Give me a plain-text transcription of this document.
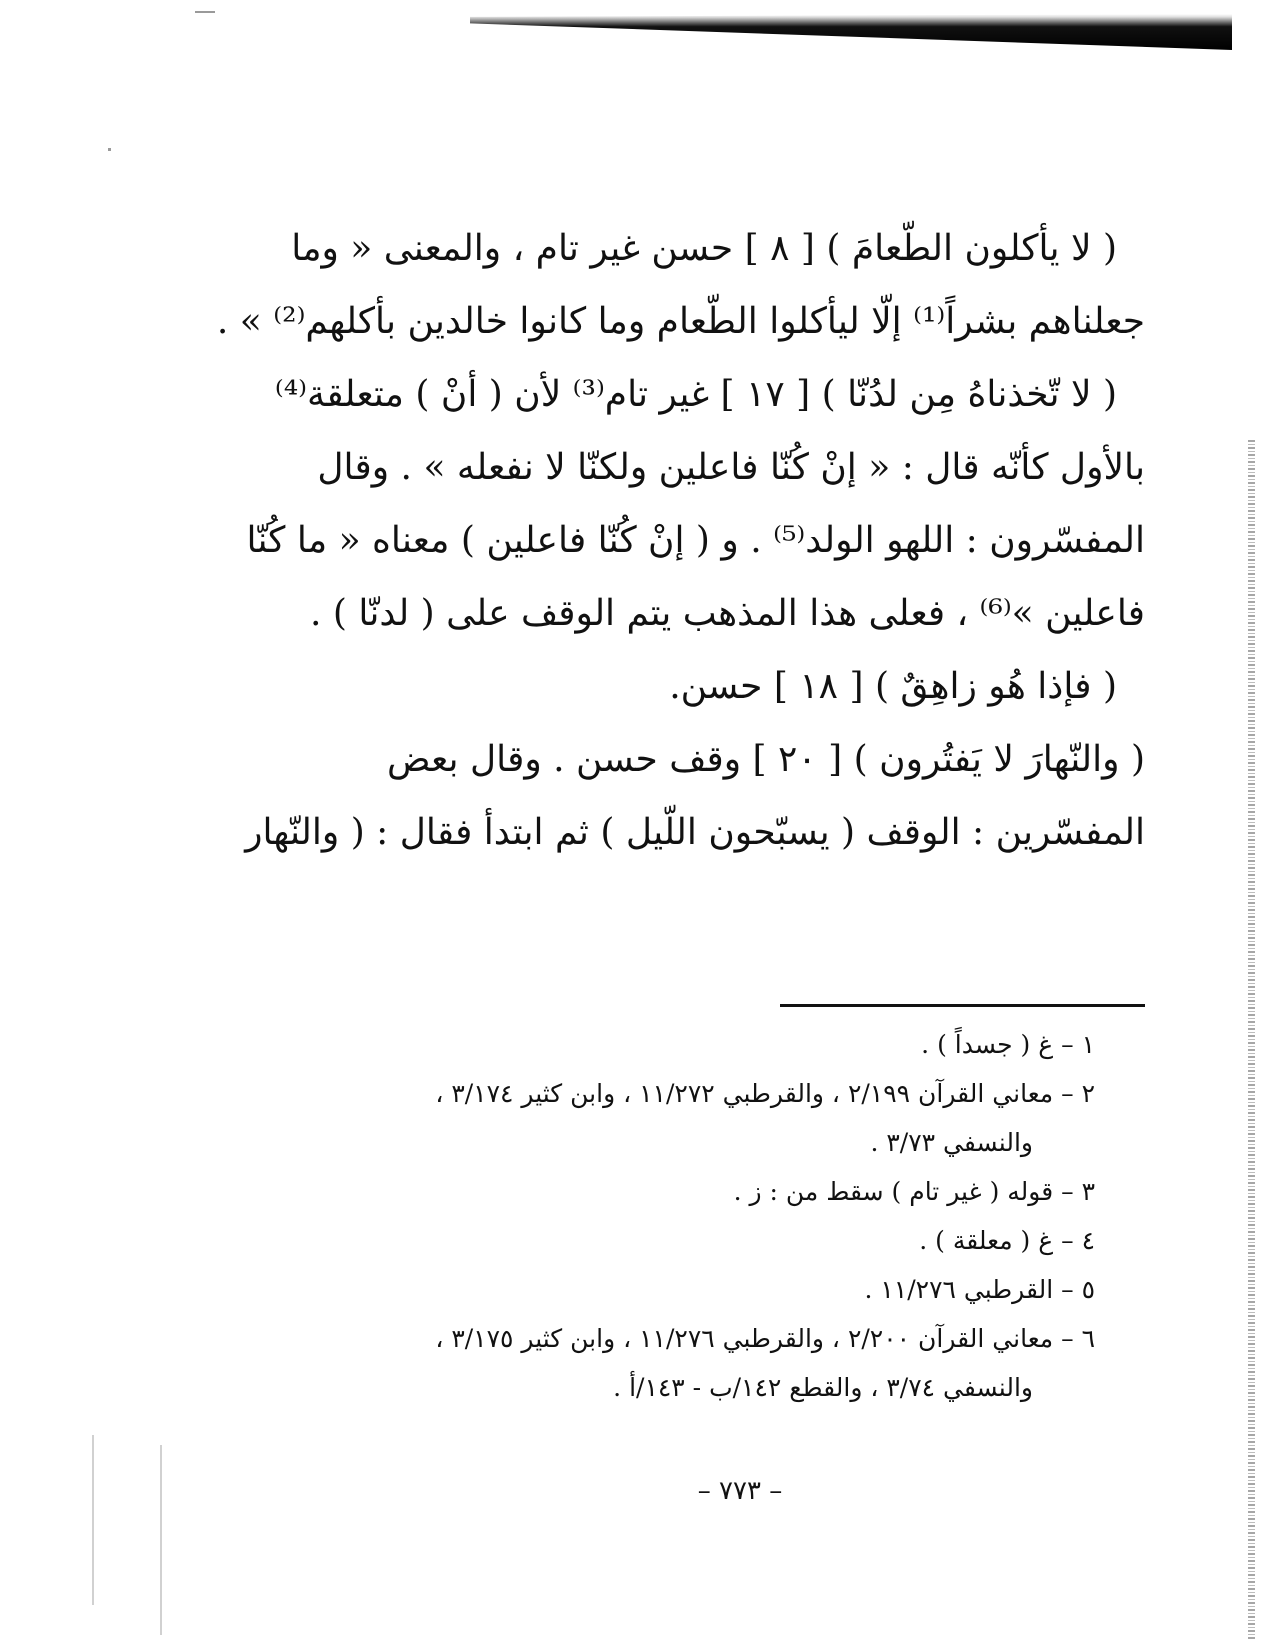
( لا يأكلون الطّعامَ ) [ ٨ ] حسن غير تام ، والمعنى « وما
جعلناهم بشراً⁽¹⁾ إلّا ليأكلوا الطّعام وما كانوا خالدين بأكلهم⁽²⁾ » .
( لا تّخذناهُ مِن لدُنّا ) [ ١٧ ] غير تام⁽³⁾ لأن ( أنْ ) متعلقة⁽⁴⁾
بالأول كأنّه قال : « إنْ كُنّا فاعلين ولكنّا لا نفعله » . وقال
المفسّرون : اللهو الولد⁽⁵⁾ . و ( إنْ كُنّا فاعلين ) معناه « ما كُنّا
فاعلين »⁽⁶⁾ ، فعلى هذا المذهب يتم الوقف على ( لدنّا ) .
( فإذا هُو زاهِقٌ ) [ ١٨ ] حسن.
( والنّهارَ لا يَفتُرون ) [ ٢٠ ] وقف حسن . وقال بعض
المفسّرين : الوقف ( يسبّحون اللّيل ) ثم ابتدأ فقال : ( والنّهار
١ – غ ( جسداً ) .
٢ – معاني القرآن ٢/١٩٩ ، والقرطبي ١١/٢٧٢ ، وابن كثير ٣/١٧٤ ،
والنسفي ٣/٧٣ .
٣ – قوله ( غير تام ) سقط من : ز .
٤ – غ ( معلقة ) .
٥ – القرطبي ١١/٢٧٦ .
٦ – معاني القرآن ٢/٢٠٠ ، والقرطبي ١١/٢٧٦ ، وابن كثير ٣/١٧٥ ،
والنسفي ٣/٧٤ ، والقطع ١٤٢/ب - ١٤٣/أ .
– ٧٧٣ –
